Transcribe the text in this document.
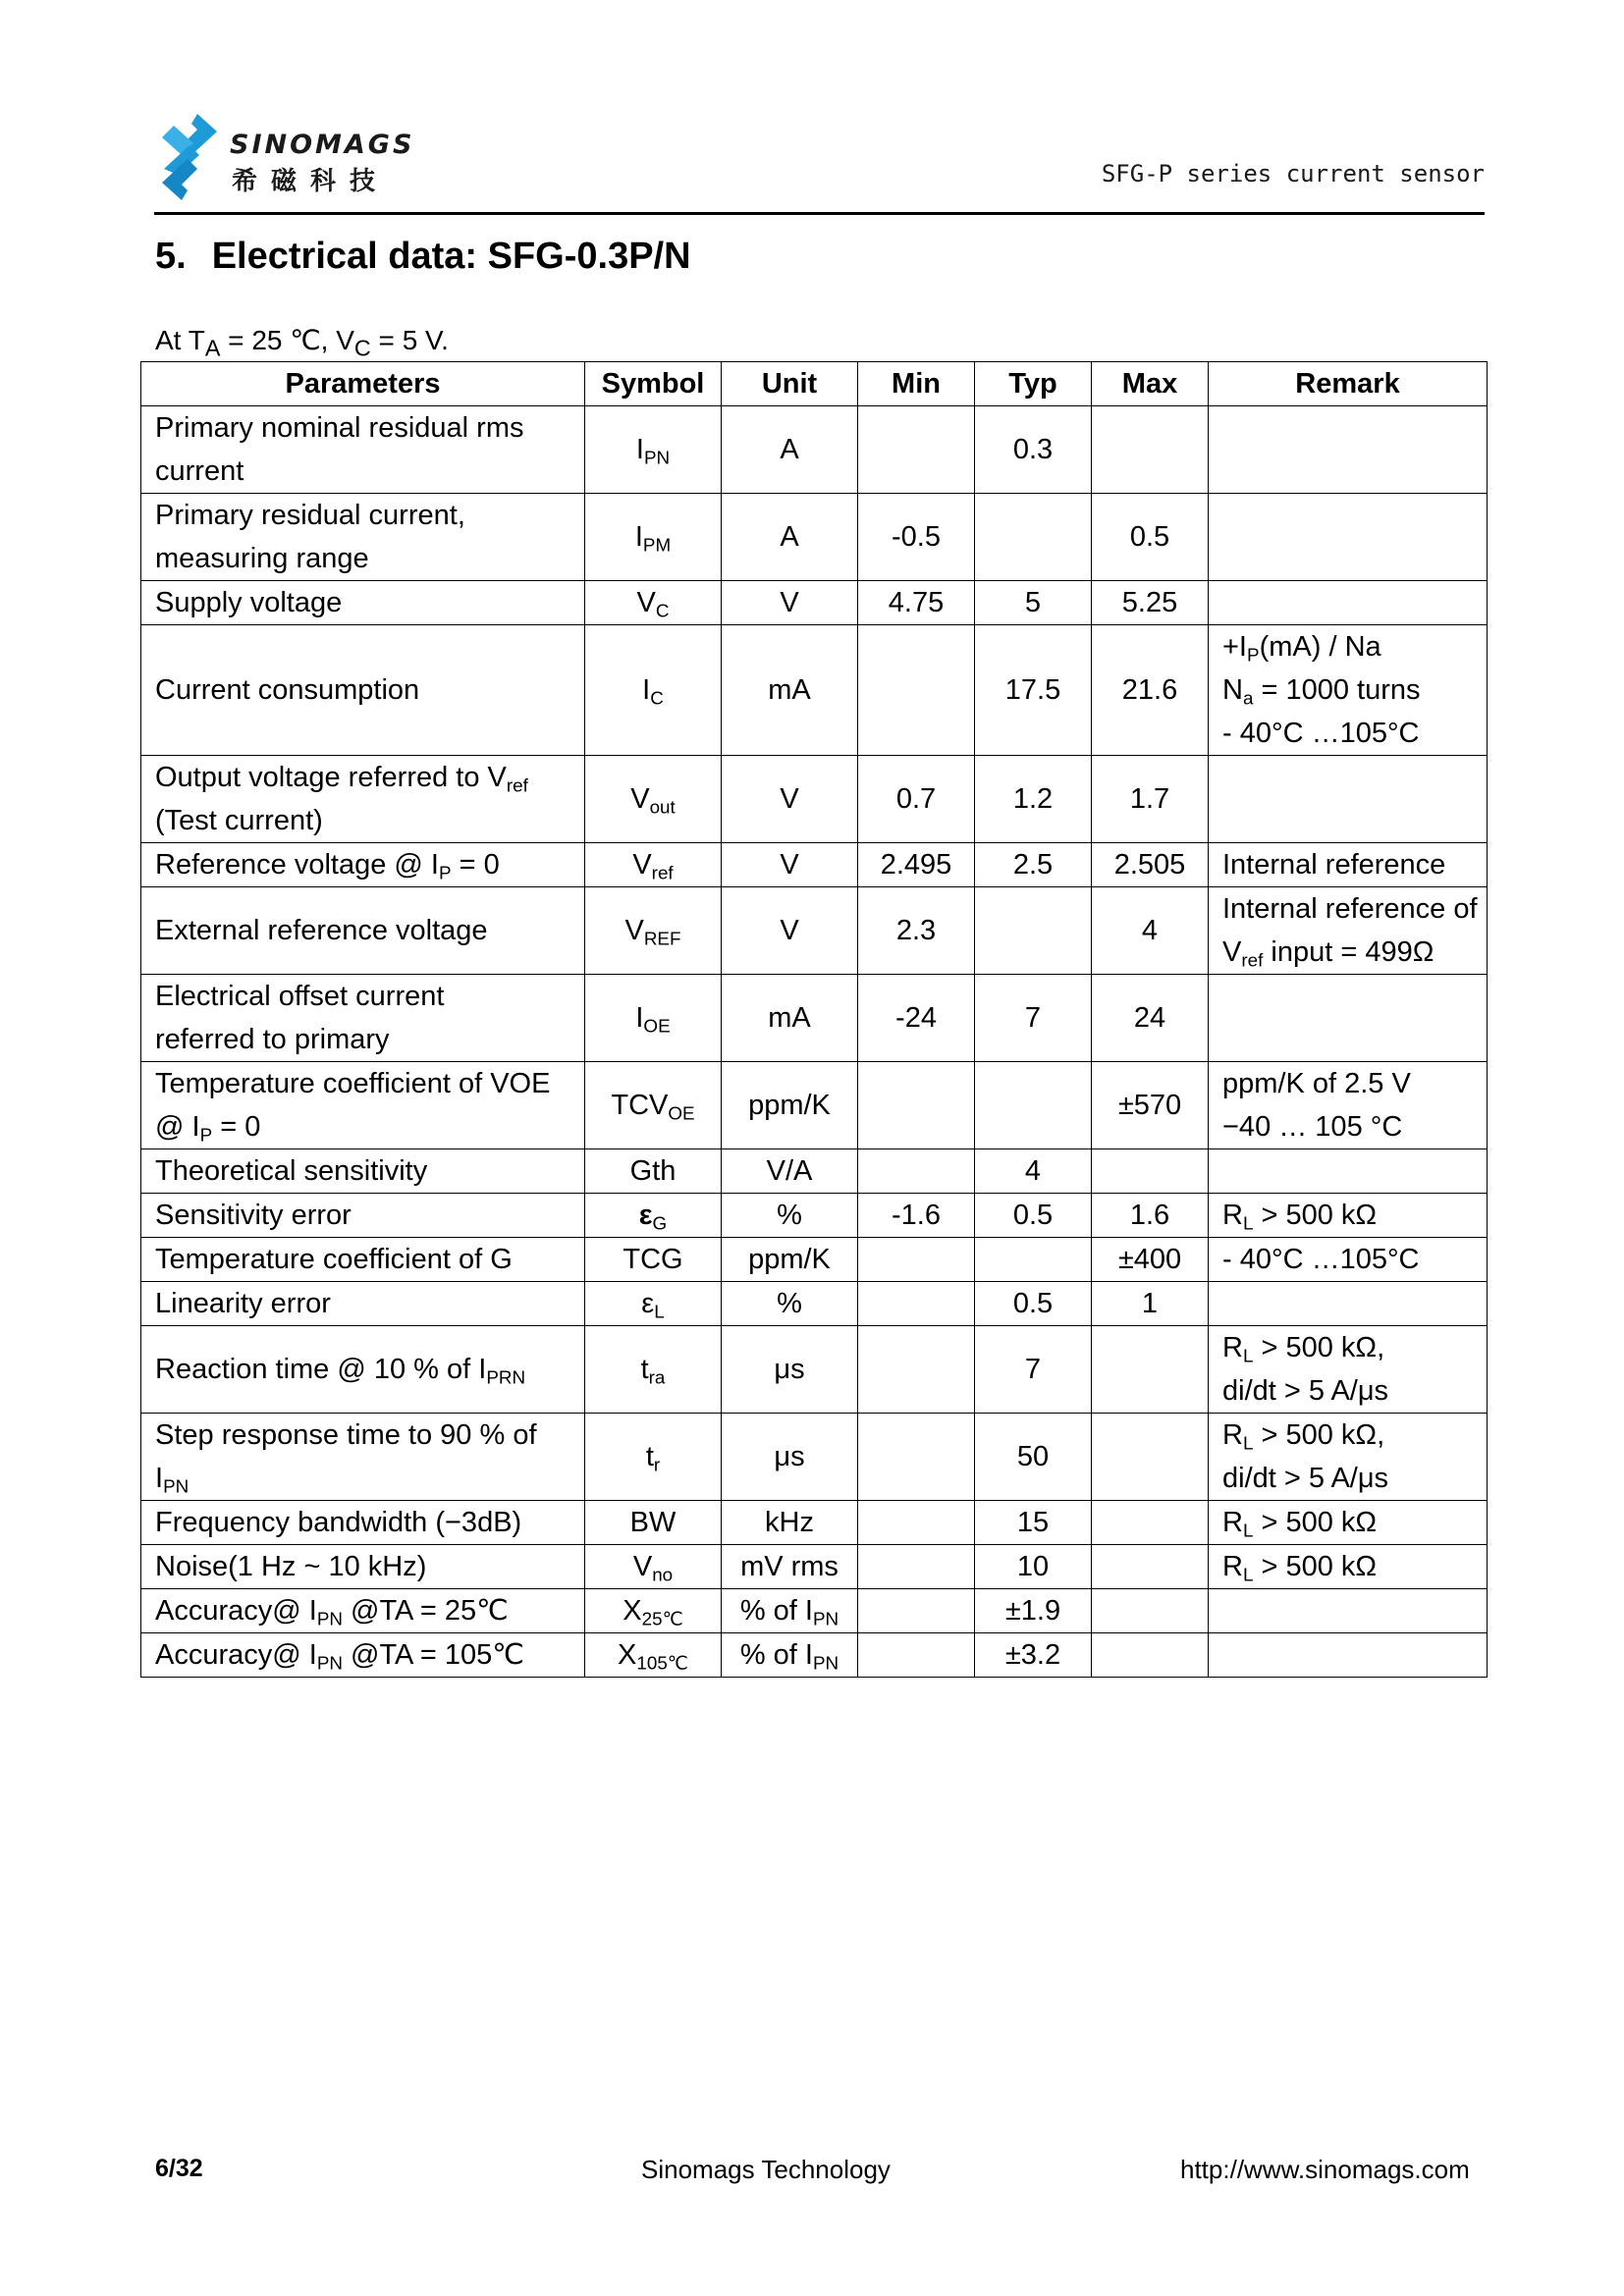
SINOMAGS
希磁科技	SFG-P series current sensor
5. Electrical data: SFG-0.3P/N
At $T_A = 25$ ℃, $V_C = 5$ V.
Parameters	Symbol	Unit	Min	Typ	Max	Remark
Primary nominal residual rms
current	$I_{PN}$	A		0.3		
Primary residual current,
measuring range	$I_{PM}$	A	-0.5		0.5	
Supply voltage	$V_C$	V	4.75	5	5.25	
Current consumption	$I_C$	mA		17.5	21.6	$+I_P(mA) / Na$
$N_a = 1000$ turns
- 40°C …105°C
Output voltage referred to $V_{ref}$
(Test current)	$V_{out}$	V	0.7	1.2	1.7	
Reference voltage @ $I_P = 0$	$V_{ref}$	V	2.495	2.5	2.505	Internal reference
External reference voltage	$V_{REF}$	V	2.3		4	Internal reference of
$V_{ref}$ input = 499Ω
Electrical offset current
referred to primary	$I_{OE}$	mA	-24	7	24	
Temperature coefficient of VOE
@ $I_P = 0$	$TCV_{OE}$	ppm/K			±570	ppm/K of 2.5 V
−40 … 105 °C
Theoretical sensitivity	Gth	V/A		4		
Sensitivity error	$\varepsilon_G$	%	-1.6	0.5	1.6	$R_L > 500$ kΩ
Temperature coefficient of G	TCG	ppm/K			±400	- 40°C …105°C
Linearity error	$\varepsilon_L$	%		0.5	1	
Reaction time @ 10 % of $I_{PRN}$	$t_{ra}$	μs		7		$R_L > 500$ kΩ,
di/dt > 5 A/μs
Step response time to 90 % of
$I_{PN}$	$t_r$	μs		50		$R_L > 500$ kΩ,
di/dt > 5 A/μs
Frequency bandwidth (−3dB)	BW	kHz		15		$R_L > 500$ kΩ
Noise(1 Hz ~ 10 kHz)	$V_{no}$	mV rms		10		$R_L > 500$ kΩ
Accuracy@ $I_{PN}$ @TA = 25℃	$X_{25℃}$	% of $I_{PN}$		±1.9		
Accuracy@ $I_{PN}$ @TA = 105℃	$X_{105℃}$	% of $I_{PN}$		±3.2		
6/32	Sinomags Technology	http://www.sinomags.com
